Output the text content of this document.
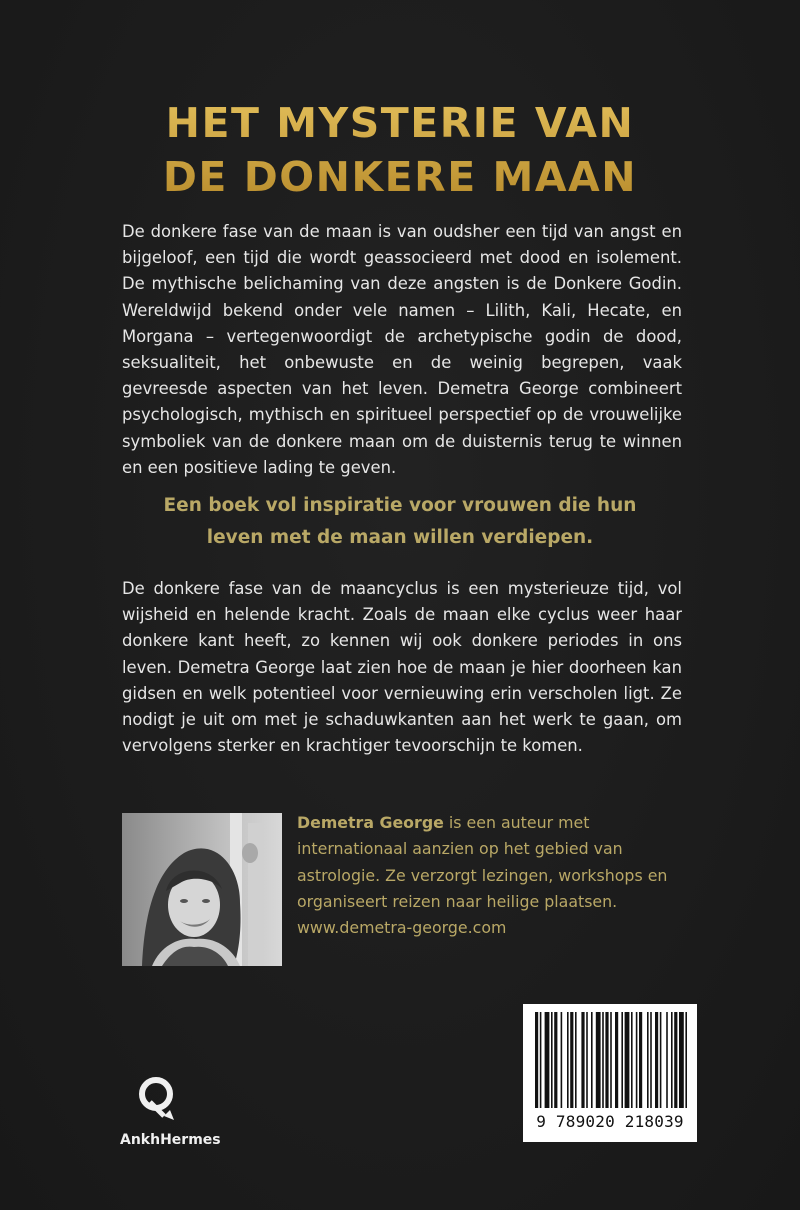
HET MYSTERIE VAN
DE DONKERE MAAN

De donkere fase van de maan is van oudsher een tijd van angst en bijgeloof, een tijd die wordt geassocieerd met dood en isolement. De mythische belichaming van deze angsten is de Donkere Godin. Wereldwijd bekend onder vele namen – Lilith, Kali, Hecate, en Morgana – vertegenwoordigt de archetypische godin de dood, seksualiteit, het onbewuste en de weinig begrepen, vaak gevreesde aspecten van het leven. Demetra George combineert psychologisch, mythisch en spiritueel perspectief op de vrouwelijke symboliek van de donkere maan om de duisternis terug te winnen en een positieve lading te geven.

Een boek vol inspiratie voor vrouwen die hun
leven met de maan willen verdiepen.

De donkere fase van de maancyclus is een mysterieuze tijd, vol wijsheid en helende kracht. Zoals de maan elke cyclus weer haar donkere kant heeft, zo kennen wij ook donkere periodes in ons leven. Demetra George laat zien hoe de maan je hier doorheen kan gidsen en welk potentieel voor vernieuwing erin verscholen ligt. Ze nodigt je uit om met je schaduwkanten aan het werk te gaan, om vervolgens sterker en krachtiger tevoorschijn te komen.

Demetra George is een auteur met internationaal aanzien op het gebied van astrologie. Ze verzorgt lezingen, workshops en organiseert reizen naar heilige plaatsen.
www.demetra-george.com

9 789020 218039
AnkhHermes
